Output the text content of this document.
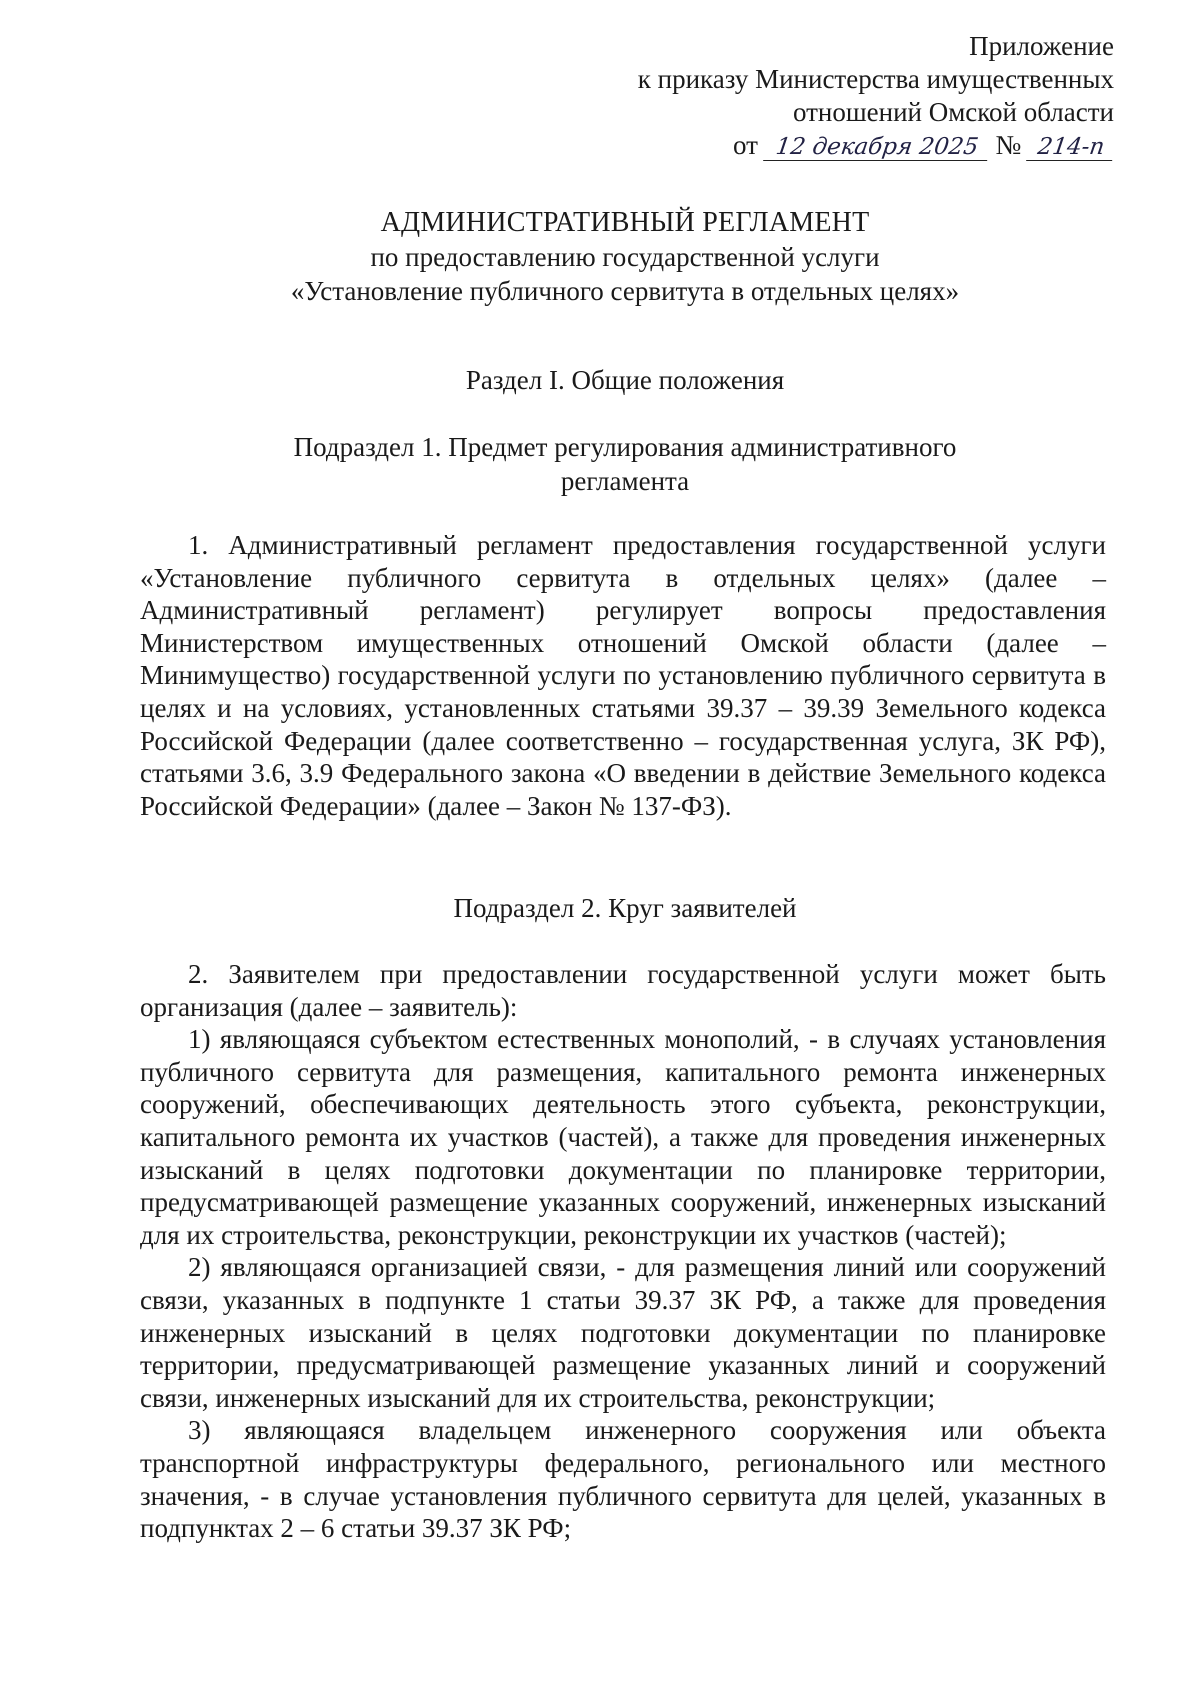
Приложение
к приказу Министерства имущественных
отношений Омской области
от 12 декабря 2025 № 214-п
АДМИНИСТРАТИВНЫЙ РЕГЛАМЕНТ
по предоставлению государственной услуги
«Установление публичного сервитута в отдельных целях»
Раздел I. Общие положения
Подраздел 1. Предмет регулирования административного
регламента

1. Административный регламент предоставления государственной услуги «Установление публичного сервитута в отдельных целях» (далее – Административный регламент) регулирует вопросы предоставления Министерством имущественных отношений Омской области (далее – Минимущество) государственной услуги по установлению публичного сервитута в целях и на условиях, установленных статьями 39.37 – 39.39 Земельного кодекса Российской Федерации (далее соответственно – государственная услуга, ЗК РФ), статьями 3.6, 3.9 Федерального закона «О введении в действие Земельного кодекса Российской Федерации» (далее – Закон № 137-ФЗ).

Подраздел 2. Круг заявителей

2. Заявителем при предоставлении государственной услуги может быть организация (далее – заявитель):

1) являющаяся субъектом естественных монополий, - в случаях установления публичного сервитута для размещения, капитального ремонта инженерных сооружений, обеспечивающих деятельность этого субъекта, реконструкции, капитального ремонта их участков (частей), а также для проведения инженерных изысканий в целях подготовки документации по планировке территории, предусматривающей размещение указанных сооружений, инженерных изысканий для их строительства, реконструкции, реконструкции их участков (частей);

2) являющаяся организацией связи, - для размещения линий или сооружений связи, указанных в подпункте 1 статьи 39.37 ЗК РФ, а также для проведения инженерных изысканий в целях подготовки документации по планировке территории, предусматривающей размещение указанных линий и сооружений связи, инженерных изысканий для их строительства, реконструкции;

3) являющаяся владельцем инженерного сооружения или объекта транспортной инфраструктуры федерального, регионального или местного значения, - в случае установления публичного сервитута для целей, указанных в подпунктах 2 – 6 статьи 39.37 ЗК РФ;
